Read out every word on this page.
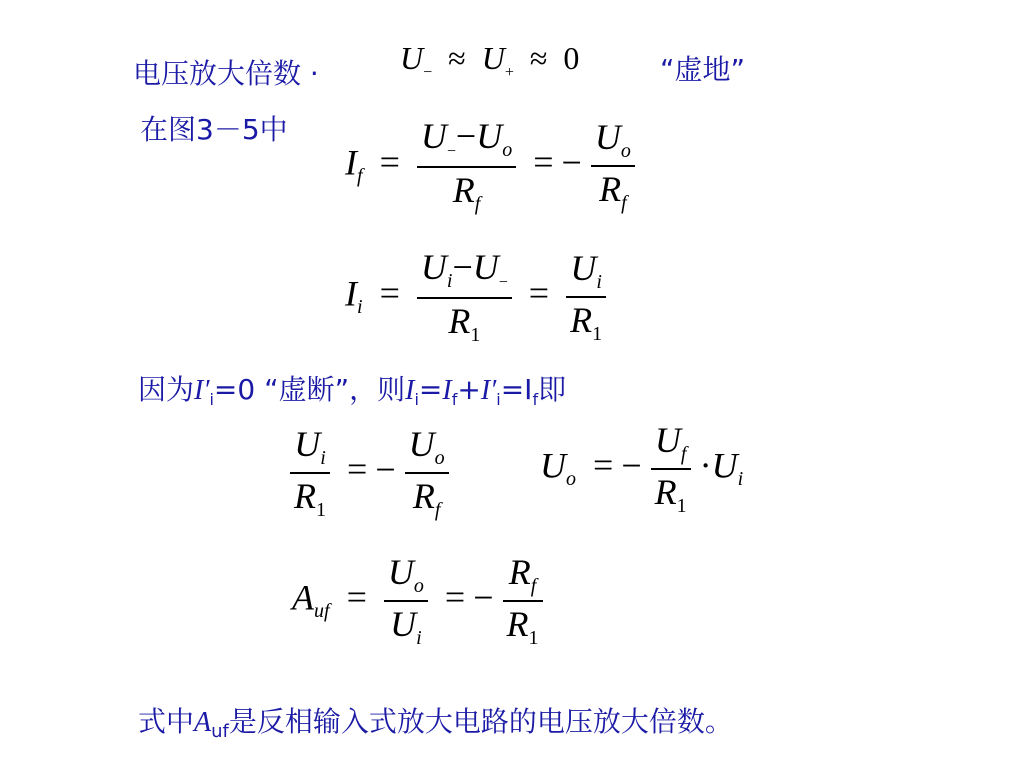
电压放大倍数 ·	$U_- \approx U_+ \approx 0$	“虚地”
在图3－5中
$I_f = \frac{U_--U_o}{R_f}$ = − $\frac{U_o}{R_f}$
$I_i = \frac{U_i-U_-}{R_1} = \frac{U_i}{R_1}$
因为$I'_i=0$ “虚断”，则$I_i=I_f+I'_i=I_f$即
$\frac{U_i}{R_1}$ = − $\frac{U_o}{R_f}$	$U_o$ = − $\frac{U_f}{R_1} \cdot U_i$
$A_{uf} = \frac{U_o}{U_i}$ = − $\frac{R_f}{R_1}$
式中$A_{uf}$是反相输入式放大电路的电压放大倍数。
